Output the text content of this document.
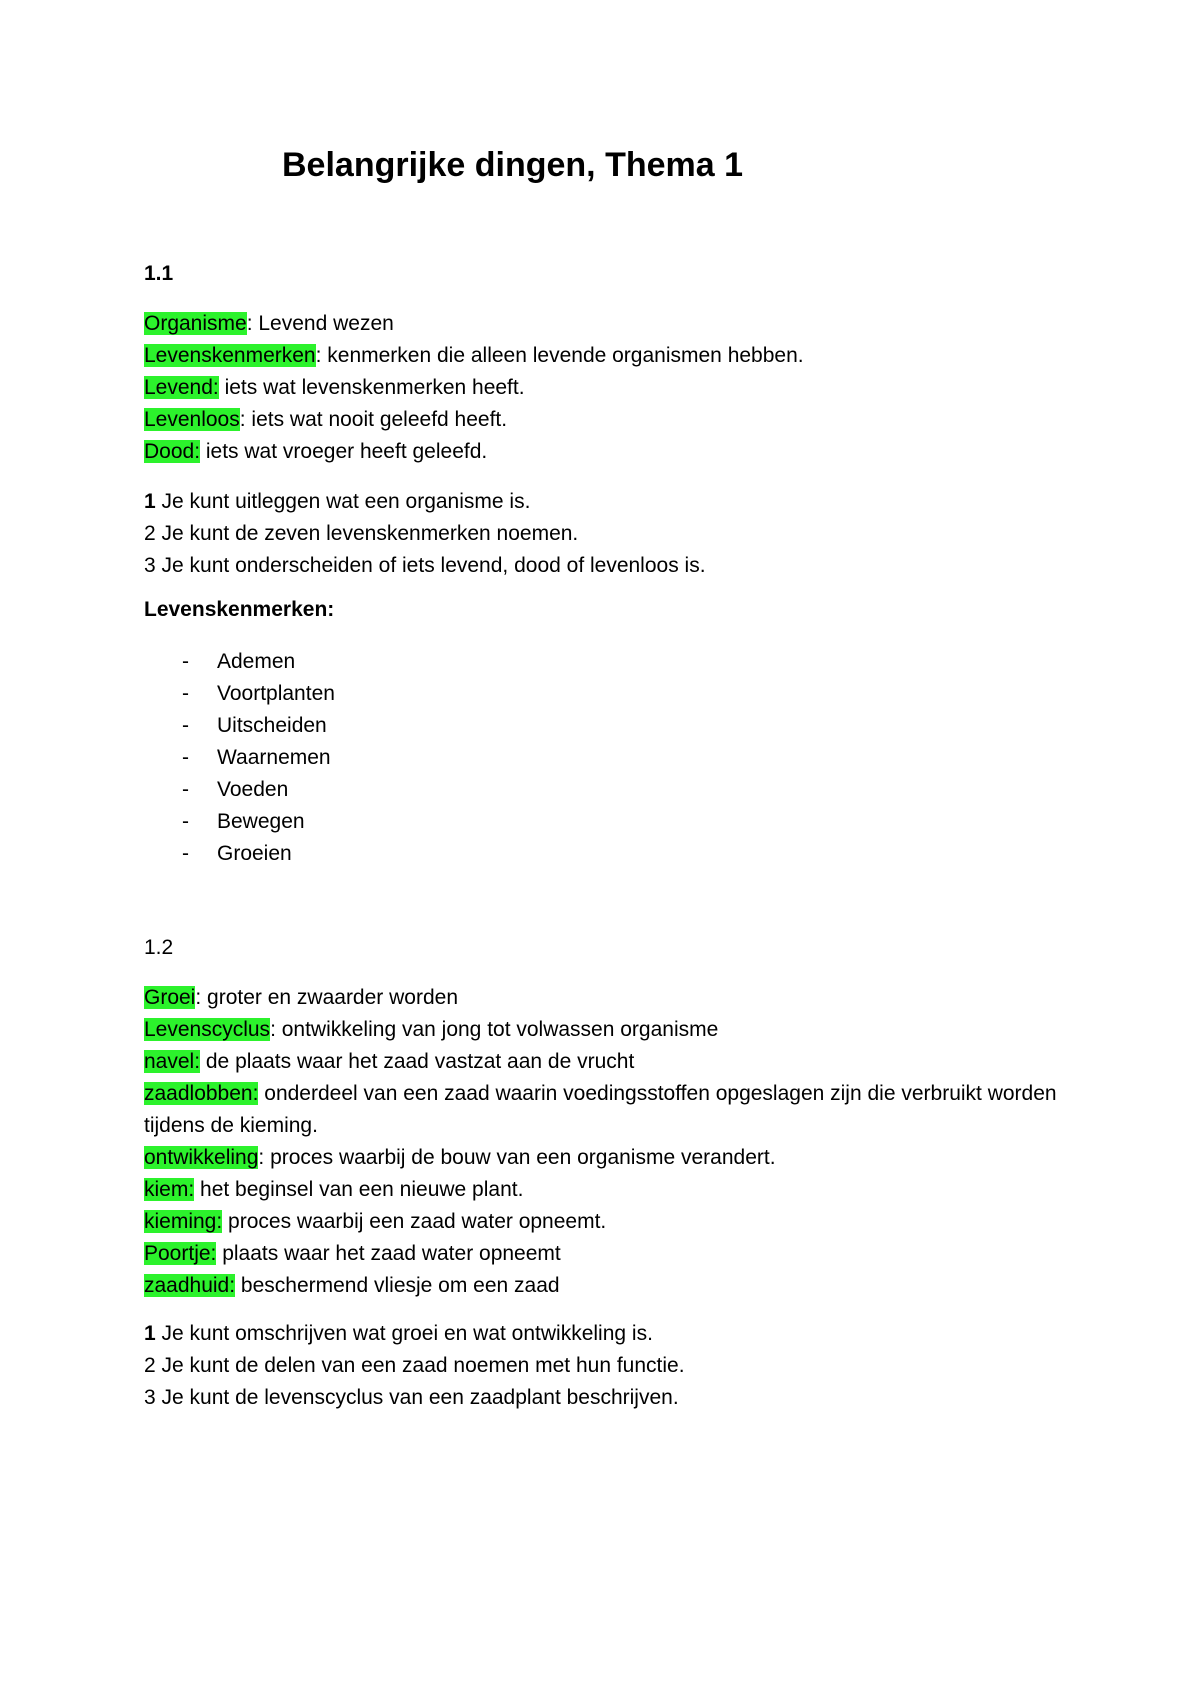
Belangrijke dingen, Thema 1
1.1
Organisme: Levend wezen
Levenskenmerken: kenmerken die alleen levende organismen hebben.
Levend: iets wat levenskenmerken heeft.
Levenloos: iets wat nooit geleefd heeft.
Dood: iets wat vroeger heeft geleefd.
1 Je kunt uitleggen wat een organisme is.
2 Je kunt de zeven levenskenmerken noemen.
3 Je kunt onderscheiden of iets levend, dood of levenloos is.
Levenskenmerken:
-	Ademen
-	Voortplanten
-	Uitscheiden
-	Waarnemen
-	Voeden
-	Bewegen
-	Groeien
1.2
Groei: groter en zwaarder worden
Levenscyclus: ontwikkeling van jong tot volwassen organisme
navel: de plaats waar het zaad vastzat aan de vrucht
zaadlobben: onderdeel van een zaad waarin voedingsstoffen opgeslagen zijn die verbruikt worden tijdens de kieming.
ontwikkeling: proces waarbij de bouw van een organisme verandert.
kiem: het beginsel van een nieuwe plant.
kieming: proces waarbij een zaad water opneemt.
Poortje: plaats waar het zaad water opneemt
zaadhuid: beschermend vliesje om een zaad
1 Je kunt omschrijven wat groei en wat ontwikkeling is.
2 Je kunt de delen van een zaad noemen met hun functie.
3 Je kunt de levenscyclus van een zaadplant beschrijven.
